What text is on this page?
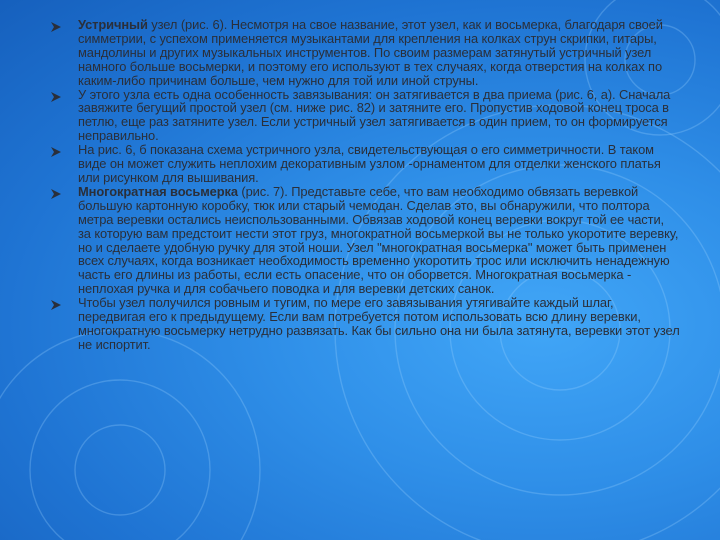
Устричный узел (рис. 6). Несмотря на свое название, этот узел, как и восьмерка, благодаря своей симметрии, с успехом применяется музыкантами для крепления на колках струн скрипки, гитары, мандолины и других музыкальных инструментов. По своим размерам затянутый устричный узел намного больше восьмерки, и поэтому его используют в тех случаях, когда отверстия на колках по каким-либо причинам больше, чем нужно для той или иной струны.
У этого узла есть одна особенность завязывания: он затягивается в два приема (рис. 6, а). Сначала завяжите бегущий простой узел (см. ниже рис. 82) и затяните его. Пропустив ходовой конец троса в петлю, еще раз затяните узел. Если устричный узел затягивается в один прием, то он формируется неправильно.
На рис. 6, б показана схема устричного узла, свидетельствующая о его симметричности. В таком виде он может служить неплохим декоративным узлом -орнаментом для отделки женского платья или рисунком для вышивания.
Многократная восьмерка (рис. 7). Представьте себе, что вам необходимо обвязать веревкой большую картонную коробку, тюк или старый чемодан. Сделав это, вы обнаружили, что полтора метра веревки остались неиспользованными. Обвязав ходовой конец веревки вокруг той ее части, за которую вам предстоит нести этот груз, многократной восьмеркой вы не только укоротите веревку, но и сделаете удобную ручку для этой ноши. Узел "многократная восьмерка" может быть применен всех случаях, когда возникает необходимость временно укоротить трос или исключить ненадежную часть его длины из работы, если есть опасение, что он оборвется. Многократная восьмерка - неплохая ручка и для собачьего поводка и для веревки детских санок.
Чтобы узел получился ровным и тугим, по мере его завязывания утягивайте каждый шлаг, передвигая его к предыдущему. Если вам потребуется потом использовать всю длину веревки, многократную восьмерку нетрудно развязать. Как бы сильно она ни была затянута, веревки этот узел не испортит.
